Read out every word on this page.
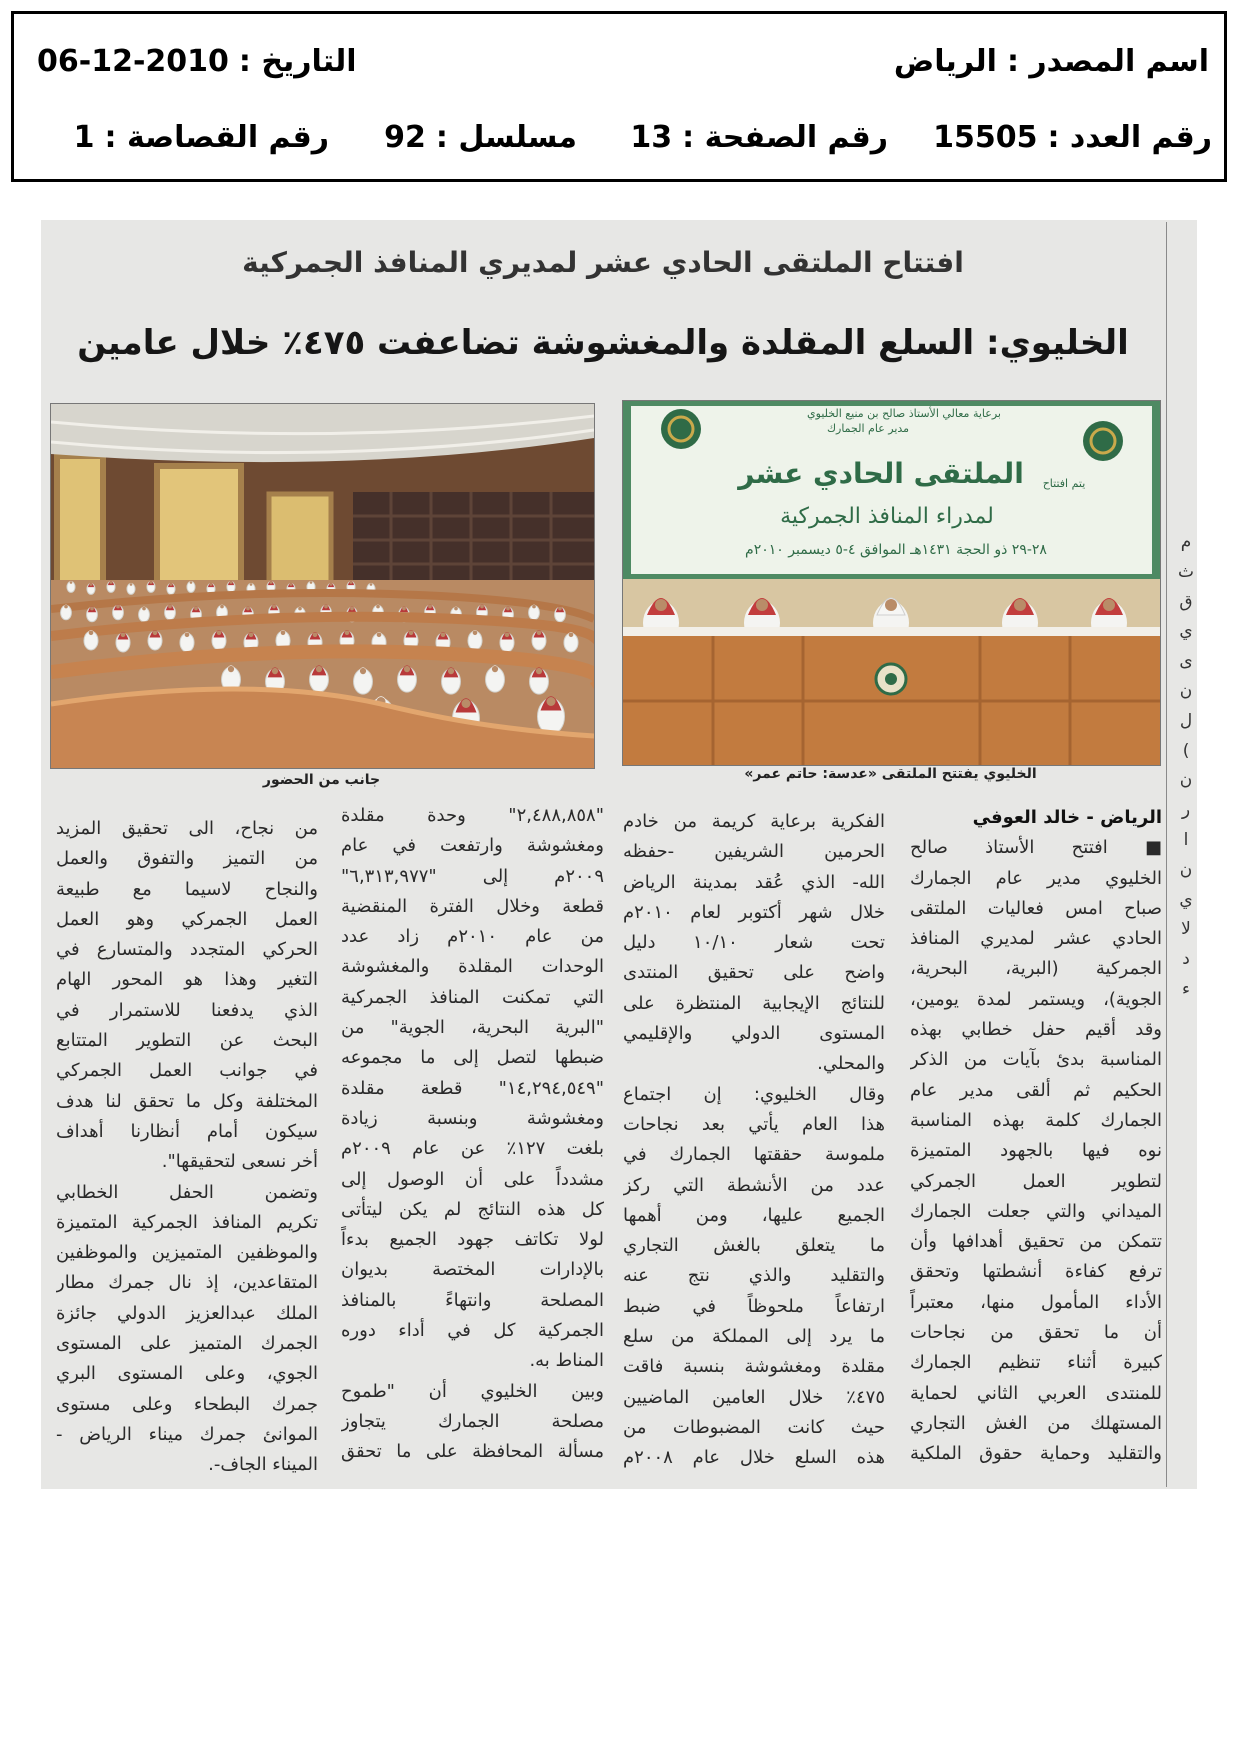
اسم المصدر :الرياض
التاريخ :2010-12-06
رقم العدد :15505
رقم الصفحة :13
مسلسل :92
رقم القصاصة :1
م
ث
ق
ي
ى
ن
ل
)
ن
ر
ا
ن
ي
لا
د
ء
افتتاح الملتقى الحادي عشر لمديري المنافذ الجمركية
الخليوي: السلع المقلدة والمغشوشة تضاعفت ٤٧٥٪ خلال عامين
جانب من الحضور
برعاية معالي الأستاذ صالح بن منيع الخليوي
مدير عام الجمارك
يتم افتتاح
الملتقى الحادي عشر
لمدراء المنافذ الجمركية
٢٨-٢٩ ذو الحجة ١٤٣١هـ الموافق ٤-٥ ديسمبر ٢٠١٠م
الخليوي يفتتح الملتقى «عدسة: حاتم عمر»
الرياض - خالد العوفي
■ افتتح الأستاذ صالح
الخليوي مدير عام الجمارك
صباح امس فعاليات الملتقى
الحادي عشر لمديري المنافذ
الجمركية (البرية، البحرية،
الجوية)، ويستمر لمدة يومين،
وقد أقيم حفل خطابي بهذه
المناسبة بدئ بآيات من الذكر
الحكيم ثم ألقى مدير عام
الجمارك كلمة بهذه المناسبة
نوه فيها بالجهود المتميزة
لتطوير العمل الجمركي
الميداني والتي جعلت الجمارك
تتمكن من تحقيق أهدافها وأن
ترفع كفاءة أنشطتها وتحقق
الأداء المأمول منها، معتبراً
أن ما تحقق من نجاحات
كبيرة أثناء تنظيم الجمارك
للمنتدى العربي الثاني لحماية
المستهلك من الغش التجاري
والتقليد وحماية حقوق الملكية
الفكرية برعاية كريمة من خادم
الحرمين الشريفين -حفظه
الله- الذي عُقد بمدينة الرياض
خلال شهر أكتوبر لعام ٢٠١٠م
تحت شعار ١٠/١٠ دليل
واضح على تحقيق المنتدى
للنتائج الإيجابية المنتظرة على
المستوى الدولي والإقليمي
والمحلي.
وقال الخليوي: إن اجتماع
هذا العام يأتي بعد نجاحات
ملموسة حققتها الجمارك في
عدد من الأنشطة التي ركز
الجميع عليها، ومن أهمها
ما يتعلق بالغش التجاري
والتقليد والذي نتج عنه
ارتفاعاً ملحوظاً في ضبط
ما يرد إلى المملكة من سلع
مقلدة ومغشوشة بنسبة فاقت
٤٧٥٪ خلال العامين الماضيين
حيث كانت المضبوطات من
هذه السلع خلال عام ٢٠٠٨م
"٢,٤٨٨,٨٥٨" وحدة مقلدة
ومغشوشة وارتفعت في عام
٢٠٠٩م إلى "٦,٣١٣,٩٧٧"
قطعة وخلال الفترة المنقضية
من عام ٢٠١٠م زاد عدد
الوحدات المقلدة والمغشوشة
التي تمكنت المنافذ الجمركية
"البرية البحرية، الجوية" من
ضبطها لتصل إلى ما مجموعه
"١٤,٢٩٤,٥٤٩" قطعة مقلدة
ومغشوشة وبنسبة زيادة
بلغت ١٢٧٪ عن عام ٢٠٠٩م
مشدداً على أن الوصول إلى
كل هذه النتائج لم يكن ليتأتى
لولا تكاتف جهود الجميع بدءاً
بالإدارات المختصة بديوان
المصلحة وانتهاءً بالمنافذ
الجمركية كل في أداء دوره
المناط به.
وبين الخليوي أن "طموح
مصلحة الجمارك يتجاوز
مسألة المحافظة على ما تحقق
من نجاح، الى تحقيق المزيد
من التميز والتفوق والعمل
والنجاح لاسيما مع طبيعة
العمل الجمركي وهو العمل
الحركي المتجدد والمتسارع في
التغير وهذا هو المحور الهام
الذي يدفعنا للاستمرار في
البحث عن التطوير المتتابع
في جوانب العمل الجمركي
المختلفة وكل ما تحقق لنا هدف
سيكون أمام أنظارنا أهداف
أخر نسعى لتحقيقها".
وتضمن الحفل الخطابي
تكريم المنافذ الجمركية المتميزة
والموظفين المتميزين والموظفين
المتقاعدين، إذ نال جمرك مطار
الملك عبدالعزيز الدولي جائزة
الجمرك المتميز على المستوى
الجوي، وعلى المستوى البري
جمرك البطحاء وعلى مستوى
الموانئ جمرك ميناء الرياض -
الميناء الجاف-.
